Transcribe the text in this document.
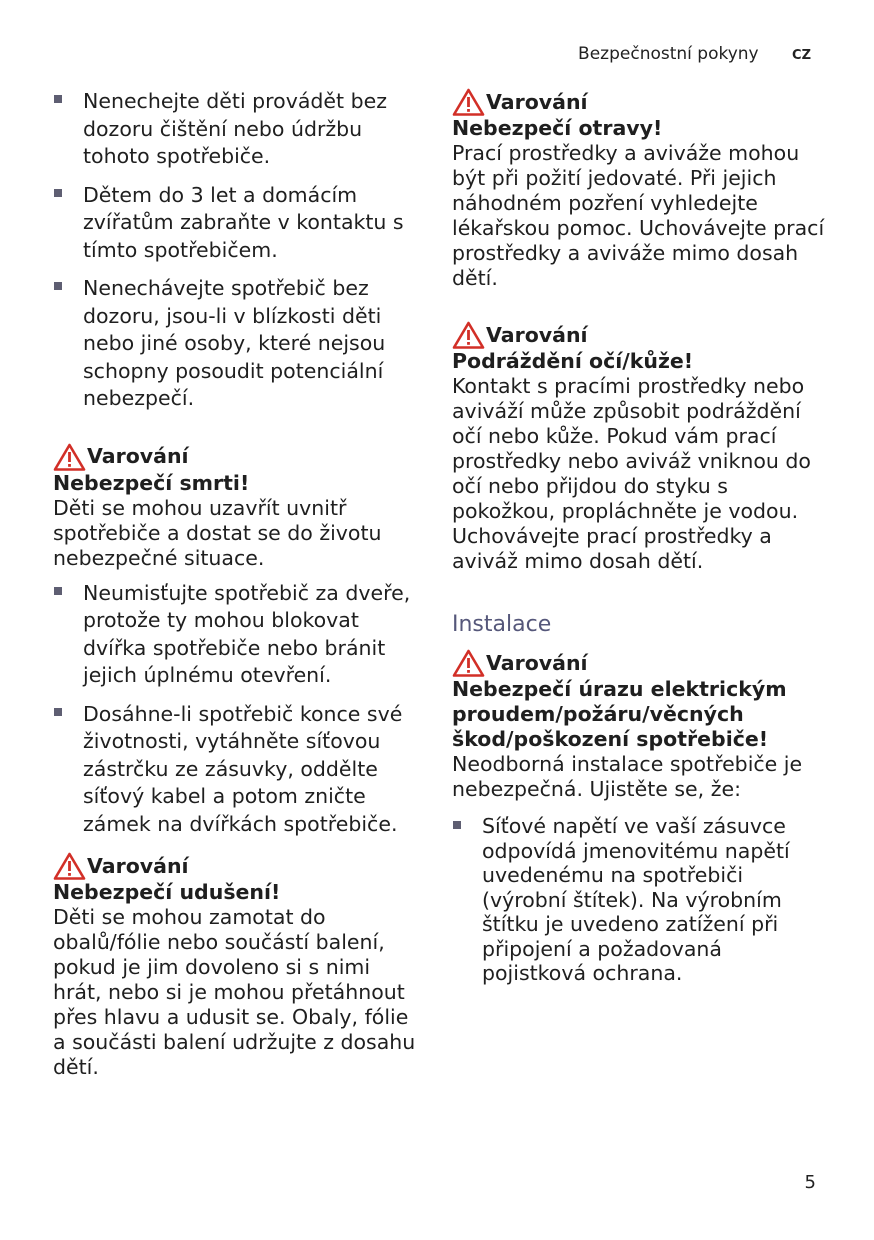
Bezpečnostní pokyny	CZ
Nenechejte děti provádět bez dozoru čištění nebo údržbu tohoto spotřebiče.
Dětem do 3 let a domácím zvířatům zabraňte v kontaktu s tímto spotřebičem.
Nenechávejte spotřebič bez dozoru, jsou-li v blízkosti děti nebo jiné osoby, které nejsou schopny posoudit potenciální nebezpečí.
Varování
Nebezpečí smrti!
Děti se mohou uzavřít uvnitř spotřebiče a dostat se do životu nebezpečné situace.
Neumisťujte spotřebič za dveře, protože ty mohou blokovat dvířka spotřebiče nebo bránit jejich úplnému otevření.
Dosáhne-li spotřebič konce své životnosti, vytáhněte síťovou zástrčku ze zásuvky, oddělte síťový kabel a potom zničte zámek na dvířkách spotřebiče.
Varování
Nebezpečí udušení!
Děti se mohou zamotat do obalů/fólie nebo součástí balení, pokud je jim dovoleno si s nimi hrát, nebo si je mohou přetáhnout přes hlavu a udusit se. Obaly, fólie a součásti balení udržujte z dosahu dětí.
Varování
Nebezpečí otravy!
Prací prostředky a aviváže mohou být při požití jedovaté. Při jejich náhodném pozření vyhledejte lékařskou pomoc. Uchovávejte prací prostředky a aviváže mimo dosah dětí.
Varování
Podráždění očí/kůže!
Kontakt s pracími prostředky nebo aviváží může způsobit podráždění očí nebo kůže. Pokud vám prací prostředky nebo aviváž vniknou do očí nebo přijdou do styku s pokožkou, propláchněte je vodou. Uchovávejte prací prostředky a aviváž mimo dosah dětí.
Instalace
Varování
Nebezpečí úrazu elektrickým proudem/požáru/věcných škod/poškození spotřebiče!
Neodborná instalace spotřebiče je nebezpečná. Ujistěte se, že:
Síťové napětí ve vaší zásuvce odpovídá jmenovitému napětí uvedenému na spotřebiči (výrobní štítek). Na výrobním štítku je uvedeno zatížení při připojení a požadovaná pojistková ochrana.
5
